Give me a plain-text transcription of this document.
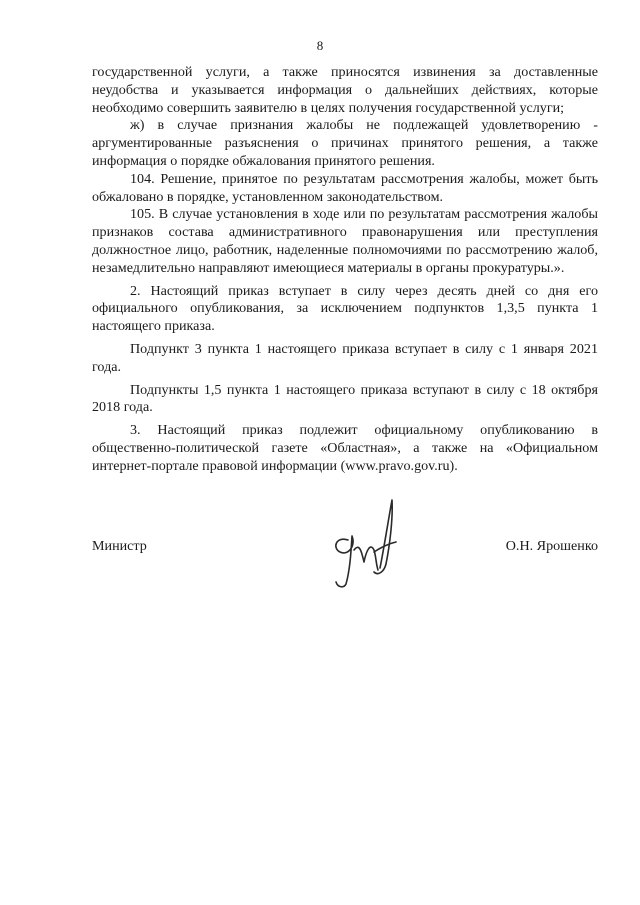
8

государственной услуги, а также приносятся извинения за доставленные неудобства и указывается информация о дальнейших действиях, которые необходимо совершить заявителю в целях получения государственной услуги;

ж) в случае признания жалобы не подлежащей удовлетворению - аргументированные разъяснения о причинах принятого решения, а также информация о порядке обжалования принятого решения.

104. Решение, принятое по результатам рассмотрения жалобы, может быть обжаловано в порядке, установленном законодательством.

105. В случае установления в ходе или по результатам рассмотрения жалобы признаков состава административного правонарушения или преступления должностное лицо, работник, наделенные полномочиями по рассмотрению жалоб, незамедлительно направляют имеющиеся материалы в органы прокуратуры.».

2. Настоящий приказ вступает в силу через десять дней со дня его официального опубликования, за исключением подпунктов 1,3,5 пункта 1 настоящего приказа.

Подпункт 3 пункта 1 настоящего приказа вступает в силу с 1 января 2021 года.

Подпункты 1,5 пункта 1 настоящего приказа вступают в силу с 18 октября 2018 года.

3. Настоящий приказ подлежит официальному опубликованию в общественно-политической газете «Областная», а также на «Официальном интернет-портале правовой информации (www.pravo.gov.ru).

Министр	О.Н. Ярошенко
